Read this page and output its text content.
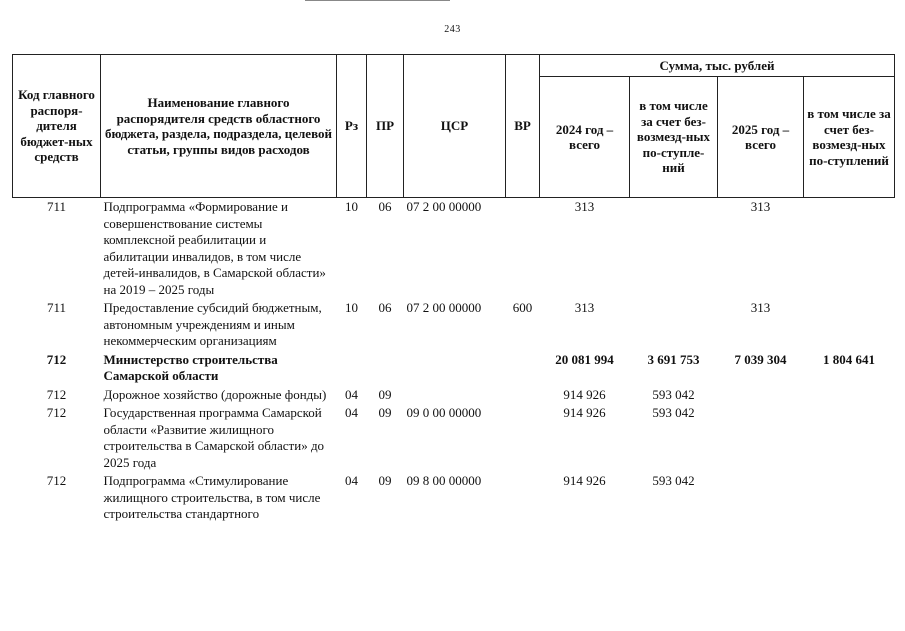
243
Код главного распоря-дителя бюджет-ных средств	Наименование главного распорядителя средств областного бюджета, раздела, подраздела, целевой статьи, группы видов расходов	Рз	ПР	ЦСР	ВР	Сумма, тыс. рублей			
						2024 год – всего	в том числе за счет без-возмезд-ных по-ступле-ний	2025 год – всего	в том числе за счет без-возмезд-ных по-ступлений
711	Подпрограмма «Формирование и совершенствование системы комплексной реабилитации и абилитации инвалидов, в том числе детей-инвалидов, в Самарской области» на 2019 – 2025 годы	10	06	07 2 00 00000		313		313	
711	Предоставление субсидий бюджетным, автономным учреждениям и иным некоммерческим организациям	10	06	07 2 00 00000	600	313		313	
712	Министерство строительства Самарской области					20 081 994	3 691 753	7 039 304	1 804 641
712	Дорожное хозяйство (дорожные фонды)	04	09			914 926	593 042		
712	Государственная программа Самарской области «Развитие жилищного строительства в Самарской области» до 2025 года	04	09	09 0 00 00000		914 926	593 042		
712	Подпрограмма «Стимулирование жилищного строительства, в том числе строительства стандартного	04	09	09 8 00 00000		914 926	593 042		
